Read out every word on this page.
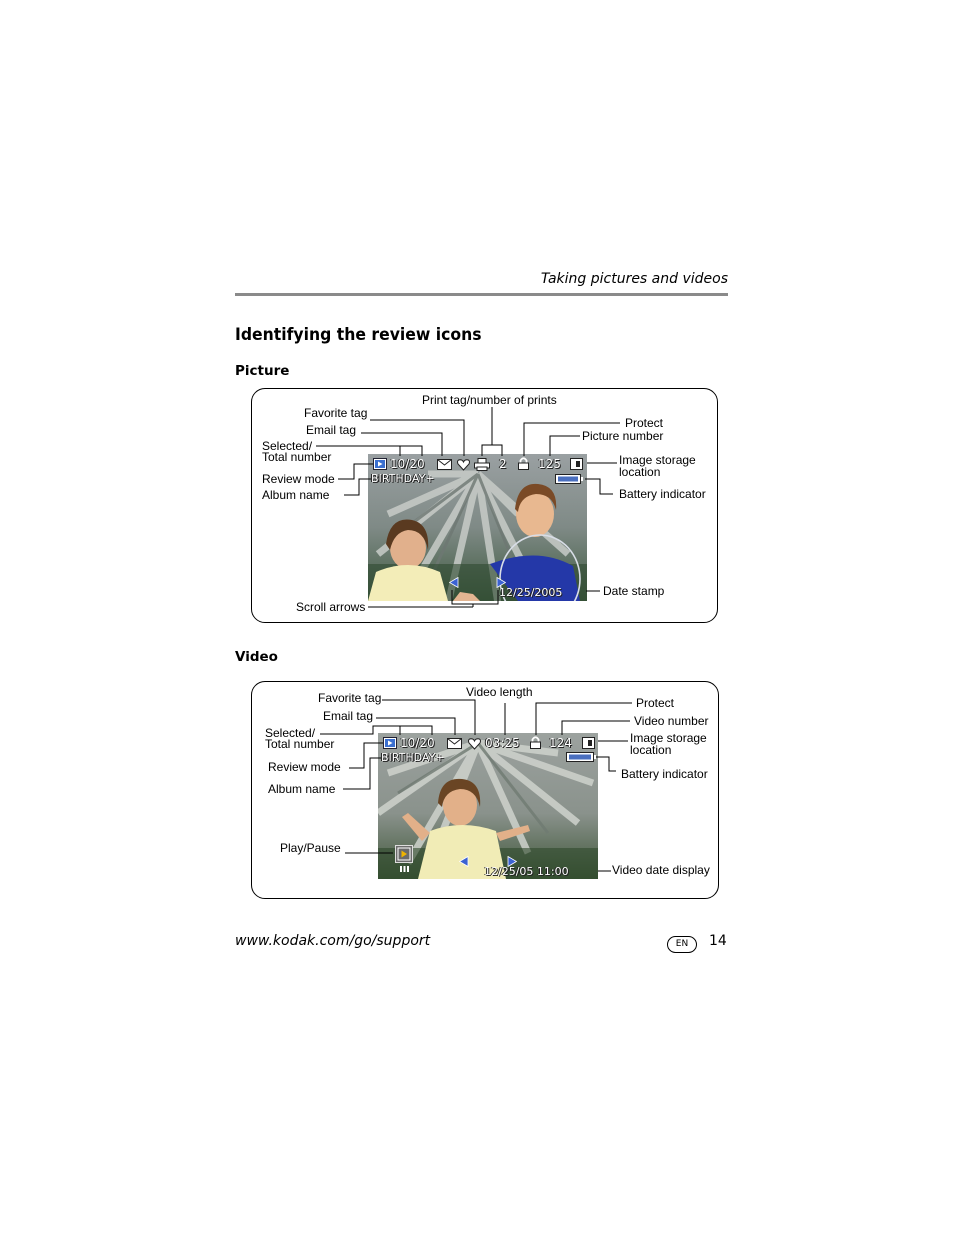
Taking pictures and videos
Identifying the review icons
Picture
10/20	2	125
BIRTHDAY+
12/25/2005
Print tag/number of prints
Favorite tag
Email tag
Selected/
Total number
Review mode
Album name
Protect
Picture number
Image storage
location
Battery indicator
Date stamp
Scroll arrows
Video
10/20	03:25 124
BIRTHDAY+
12/25/05 11:00
Favorite tag	Video length
Protect
Email tag	Video number
Selected/
Total number	Image storage
location
Review mode	Battery indicator
Album name
Play/Pause
Video date display
www.kodak.com/go/support	EN	14
